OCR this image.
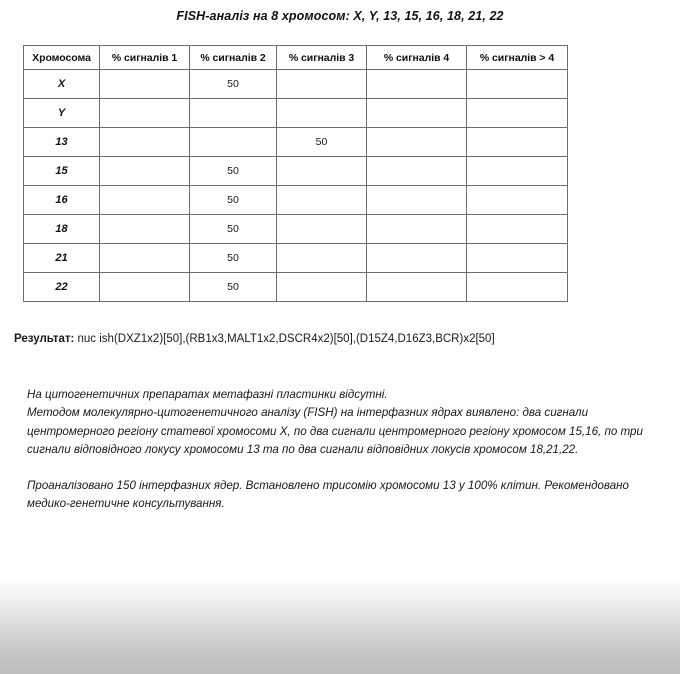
FISH-аналіз на 8 хромосом: X, Y, 13, 15, 16, 18, 21, 22
Хромосома	% сигналів 1	% сигналів 2	% сигналів 3	% сигналів 4	% сигналів > 4
X		50			
Y					
13			50		
15		50			
16		50			
18		50			
21		50			
22		50			
Результат: nuc ish(DXZ1x2)[50],(RB1x3,MALT1x2,DSCR4x2)[50],(D15Z4,D16Z3,BCR)x2[50]

На цитогенетичних препаратах метафазні пластинки відсутні.

Методом молекулярно-цитогенетичного аналізу (FISH) на інтерфазних ядрах виявлено: два сигнали центромерного регіону статевої хромосоми X, по два сигнали центромерного регіону хромосом 15,16, по три сигнали відповідного локусу хромосоми 13 та по два сигнали відповідних локусів хромосом 18,21,22.

Проаналізовано 150 інтерфазних ядер. Встановлено трисомію хромосоми 13 у 100% клітин. Рекомендовано медико-генетичне консультування.
